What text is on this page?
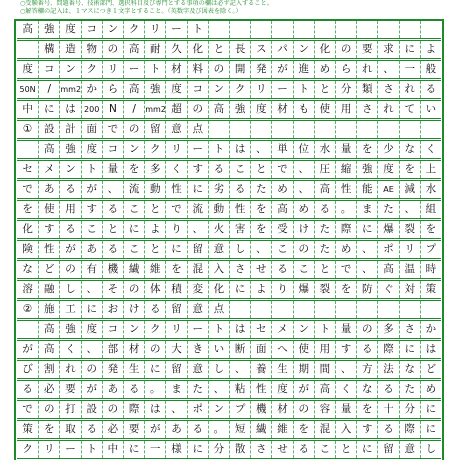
○受験番号、問題番号、技術部門、選択科目及び専門とする事項の欄は必ず記入すること。
○解答欄の記入は、１マスにつき１文字とすること。（英数字及び図表を除く。）
高	強	度	コ	ン	ク	リ	ー	ト
構	造	物	の	高	耐	久	化	と	長	ス	パ	ン	化	の	要	求	に	よ
度	コ	ン	ク	リ	ー	ト	材	料	の	開	発	が	進	め	ら	れ	、	一	般
50N	/	mm2 か	ら	高	強	度	コ	ン	ク	リ	ー	ト	と	分	類	さ	れ	る
中	に	は	200 N	/	mm2 超	の	高	強	度	材	も	使	用	さ	れ	て	い
①	設	計	面	で	の	留	意	点
高	強	度	コ	ン	ク	リ	ー	ト	は	、	単	位	水	量	を	少	な	く
セ	メ	ン	ト	量	を	多	く	す	る	こ	と	で	、	圧	縮	強	度	を	上
で	あ	る	が	、	流	動	性	に	劣	る	た	め	、	高	性	能	AE	減	水
を	使	用	す	る	こ	と	で	流	動	性	を	高	め	る	。	ま	た	、	組
化	す	る	こ	と	に	よ	り	、	火	害	を	受	け	た	際	に	爆	裂	を
険	性	が	あ	る	こ	と	に	留	意	し	、	こ	の	た	め	、	ポ	リ	プ
な	ど	の	有	機	繊	維	を	混	入	さ	せ	る	こ	と	で	、	高	温	時
溶	融	し	、	そ	の	体	積	変	化	に	よ	り	爆	裂	を	防	ぐ	対	策
②	施	工	に	お	け	る	留	意	点
高	強	度	コ	ン	ク	リ	ー	ト	は	セ	メ	ン	ト	量	の	多	さ	か
が	高	く	、	部	材	の	大	き	い	断	面	へ	使	用	す	る	際	に	は
び	割	れ	の	発	生	に	留	意	し	、	養	生	期	間	、	方	法	な	ど
る	必	要	が	あ	る	。	ま	た	、	粘	性	度	が	高	く	な	る	た	め
で	の	打	設	の	際	は	、	ポ	ン	プ	機	材	の	容	量	を	十	分	に
策	を	取	る	必	要	が	あ	る	。	短	繊	維	を	混	入	す	る	際	に
ク	リ	ー	ト	中	に	一	様	に	分	散	さ	せ	る	こ	と	に	留	意	し
